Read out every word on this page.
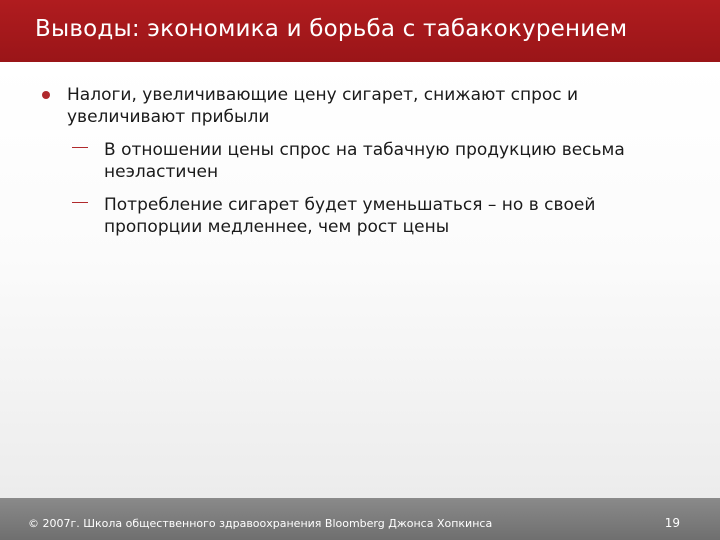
Выводы: экономика и борьба с табакокурением
Налоги, увеличивающие цену сигарет, снижают спрос и увеличивают прибыли
В отношении цены спрос на табачную продукцию весьма неэластичен
Потребление сигарет будет уменьшаться – но в своей пропорции медленнее, чем рост цены
© 2007г. Школа общественного здравоохранения Bloomberg Джонса Хопкинса	19
